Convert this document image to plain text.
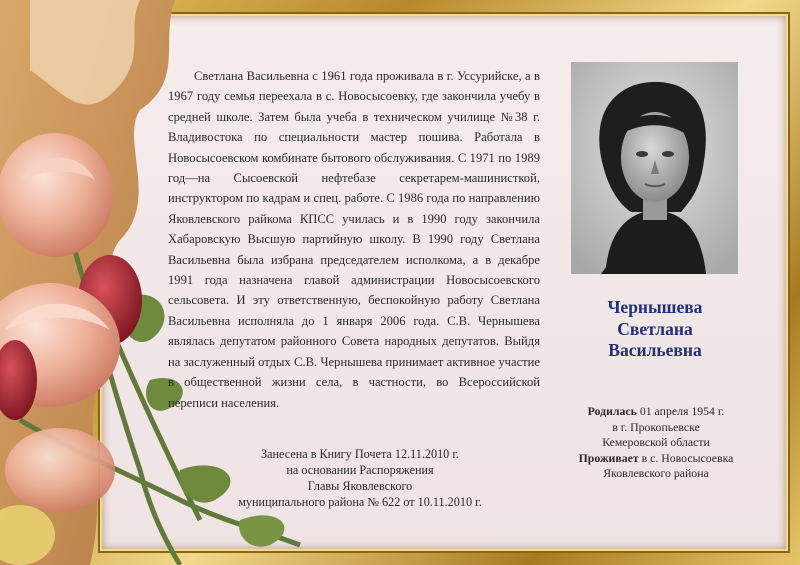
Светлана Васильевна с 1961 года проживала в г. Уссурийске, а в 1967 году семья переехала в с. Новосысоевку, где закончила учебу в средней школе. Затем была учеба в техническом училище №38 г. Владивостока по специальности мастер пошива. Работала в Новосысоевском комбинате бытового обслуживания. С 1971 по 1989 год—на Сысоевской нефтебазе секретарем-машинисткой, инструктором по кадрам и спец. работе. С 1986 года по направлению Яковлевского райкома КПСС училась и в 1990 году закончила Хабаровскую Высшую партийную школу. В 1990 году Светлана Васильевна была избрана председателем исполкома, а в декабре 1991 года назначена главой администрации Новосысоевского сельсовета. И эту ответственную, беспокойную работу Светлана Васильевна исполняла до 1 января 2006 года. С.В. Чернышева являлась депутатом районного Совета народных депутатов. Выйдя на заслуженный отдых С.В. Чернышева принимает активное участие в общественной жизни села, в частности, во Всероссийской переписи населения.

Занесена в Книгу Почета 12.11.2010 г.
на основании Распоряжения
Главы Яковлевского
муниципального района № 622 от 10.11.2010 г.
Чернышева
Светлана
Васильевна
Родилась 01 апреля 1954 г.
в г. Прокопьевске
Кемеровской области
Проживает в с. Новосысоевка
Яковлевского района
